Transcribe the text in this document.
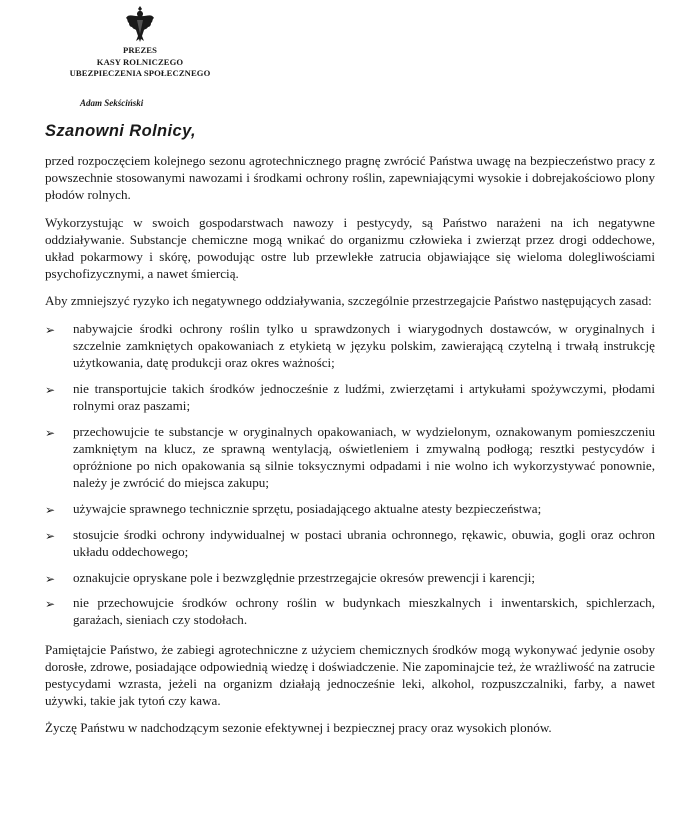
PREZES
KASY ROLNICZEGO
UBEZPIECZENIA SPOŁECZNEGO
Adam Sekściński
Szanowni Rolnicy,

przed rozpoczęciem kolejnego sezonu agrotechnicznego pragnę zwrócić Państwa uwagę na bezpieczeństwo pracy z powszechnie stosowanymi nawozami i środkami ochrony roślin, zapewniającymi wysokie i dobrejakościowo plony płodów rolnych.

Wykorzystując w swoich gospodarstwach nawozy i pestycydy, są Państwo narażeni na ich negatywne oddziaływanie. Substancje chemiczne mogą wnikać do organizmu człowieka i zwierząt przez drogi oddechowe, układ pokarmowy i skórę, powodując ostre lub przewlekłe zatrucia objawiające się wieloma dolegliwościami psychofizycznymi, a nawet śmiercią.

Aby zmniejszyć ryzyko ich negatywnego oddziaływania, szczególnie przestrzegajcie Państwo następujących zasad:

➢ nabywajcie środki ochrony roślin tylko u sprawdzonych i wiarygodnych dostawców, w oryginalnych i szczelnie zamkniętych opakowaniach z etykietą w języku polskim, zawierającą czytelną i trwałą instrukcję użytkowania, datę produkcji oraz okres ważności;
➢ nie transportujcie takich środków jednocześnie z ludźmi, zwierzętami i artykułami spożywczymi, płodami rolnymi oraz paszami;
➢ przechowujcie te substancje w oryginalnych opakowaniach, w wydzielonym, oznakowanym pomieszczeniu zamkniętym na klucz, ze sprawną wentylacją, oświetleniem i zmywalną podłogą; resztki pestycydów i opróżnione po nich opakowania są silnie toksycznymi odpadami i nie wolno ich wykorzystywać ponownie, należy je zwrócić do miejsca zakupu;
➢ używajcie sprawnego technicznie sprzętu, posiadającego aktualne atesty bezpieczeństwa;
➢ stosujcie środki ochrony indywidualnej w postaci ubrania ochronnego, rękawic, obuwia, gogli oraz ochron układu oddechowego;
➢ oznakujcie opryskane pole i bezwzględnie przestrzegajcie okresów prewencji i karencji;
➢ nie przechowujcie środków ochrony roślin w budynkach mieszkalnych i inwentarskich, spichlerzach, garażach, sieniach czy stodołach.

Pamiętajcie Państwo, że zabiegi agrotechniczne z użyciem chemicznych środków mogą wykonywać jedynie osoby dorosłe, zdrowe, posiadające odpowiednią wiedzę i doświadczenie. Nie zapominajcie też, że wrażliwość na zatrucie pestycydami wzrasta, jeżeli na organizm działają jednocześnie leki, alkohol, rozpuszczalniki, farby, a nawet używki, takie jak tytoń czy kawa.

Życzę Państwu w nadchodzącym sezonie efektywnej i bezpiecznej pracy oraz wysokich plonów.
